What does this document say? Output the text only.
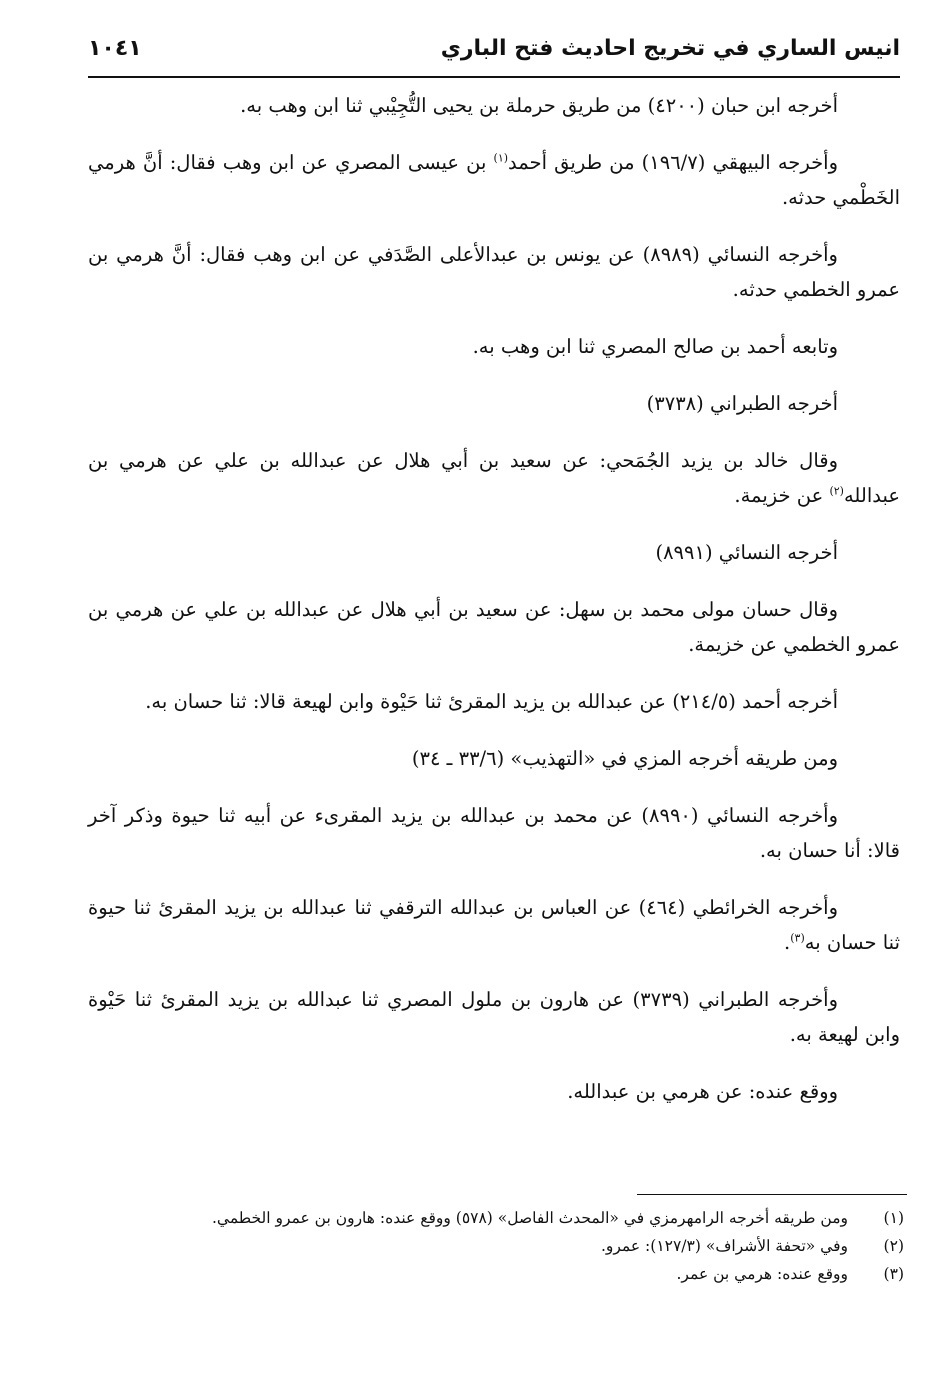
انيس الساري في تخريج احاديث فتح الباري
١٠٤١

أخرجه ابن حبان (٤٢٠٠) من طريق حرملة بن يحيى التُّجِيْبي ثنا ابن وهب به.

وأخرجه البيهقي (١٩٦/٧) من طريق أحمد$^{(١)}$ بن عيسى المصري عن ابن وهب فقال: أنَّ هرمي الخَطْمي حدثه.

وأخرجه النسائي (٨٩٨٩) عن يونس بن عبدالأعلى الصَّدَفي عن ابن وهب فقال: أنَّ هرمي بن عمرو الخطمي حدثه.

وتابعه أحمد بن صالح المصري ثنا ابن وهب به.

أخرجه الطبراني (٣٧٣٨)

وقال خالد بن يزيد الجُمَحي: عن سعيد بن أبي هلال عن عبدالله بن علي عن هرمي بن عبدالله$^{(٢)}$ عن خزيمة.

أخرجه النسائي (٨٩٩١)

وقال حسان مولى محمد بن سهل: عن سعيد بن أبي هلال عن عبدالله بن علي عن هرمي بن عمرو الخطمي عن خزيمة.

أخرجه أحمد (٢١٤/٥) عن عبدالله بن يزيد المقرئ ثنا حَيْوة وابن لهيعة قالا: ثنا حسان به.

ومن طريقه أخرجه المزي في «التهذيب» (٣٣/٦ ـ ٣٤)

وأخرجه النسائي (٨٩٩٠) عن محمد بن عبدالله بن يزيد المقرىء عن أبيه ثنا حيوة وذكر آخر قالا: أنا حسان به.

وأخرجه الخرائطي (٤٦٤) عن العباس بن عبدالله الترقفي ثنا عبدالله بن يزيد المقرئ ثنا حيوة ثنا حسان به$^{(٣)}$.

وأخرجه الطبراني (٣٧٣٩) عن هارون بن ملول المصري ثنا عبدالله بن يزيد المقرئ ثنا حَيْوة وابن لهيعة به.

ووقع عنده: عن هرمي بن عبدالله.

(١)
ومن طريقه أخرجه الرامهرمزي في «المحدث الفاصل» (٥٧٨) ووقع عنده: هارون بن عمرو الخطمي.
(٢)
وفي «تحفة الأشراف» (١٢٧/٣): عمرو.
(٣)
ووقع عنده: هرمي بن عمر.
